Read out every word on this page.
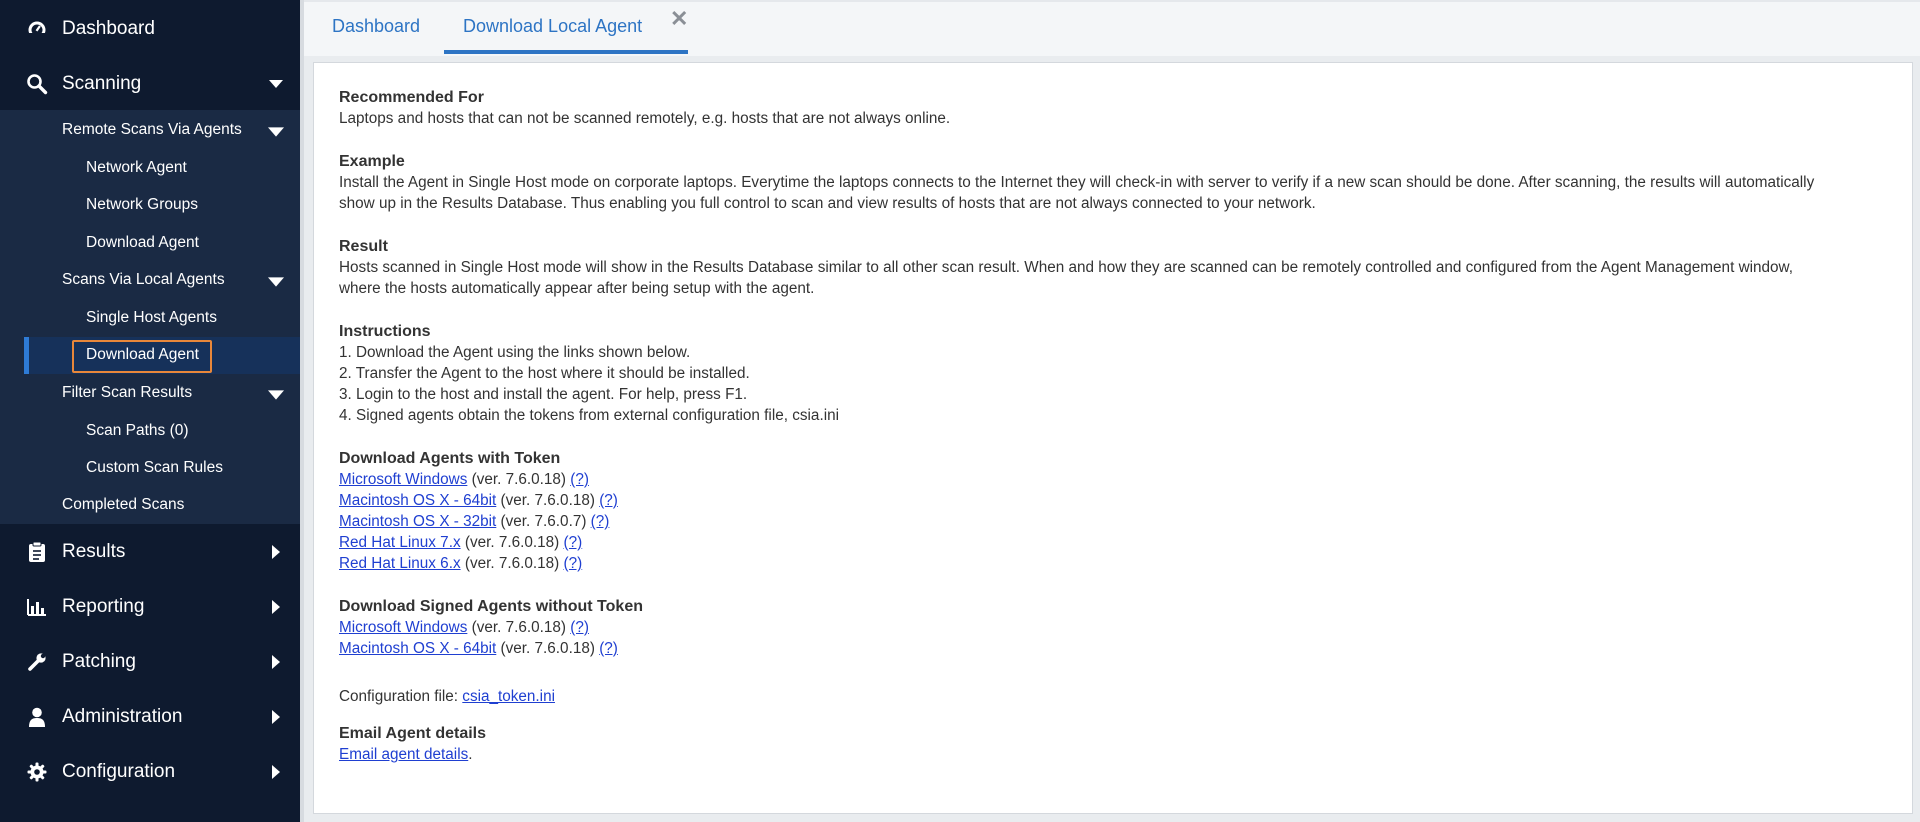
Dashboard
Scanning
Remote Scans Via Agents
Network Agent
Network Groups
Download Agent
Scans Via Local Agents
Single Host Agents
Download Agent
Filter Scan Results
Scan Paths (0)
Custom Scan Rules
Completed Scans
Results
Reporting
Patching
Administration
Configuration
Dashboard Download Local Agent ✕
Recommended For
Laptops and hosts that can not be scanned remotely, e.g. hosts that are not always online.
Example
Install the Agent in Single Host mode on corporate laptops. Everytime the laptops connects to the Internet they will check-in with server to verify if a new scan should be done. After scanning, the results will automatically
show up in the Results Database. Thus enabling you full control to scan and view results of hosts that are not always connected to your network.
Result
Hosts scanned in Single Host mode will show in the Results Database similar to all other scan result. When and how they are scanned can be remotely controlled and configured from the Agent Management window,
where the hosts automatically appear after being setup with the agent.
Instructions
1. Download the Agent using the links shown below.
2. Transfer the Agent to the host where it should be installed.
3. Login to the host and install the agent. For help, press F1.
4. Signed agents obtain the tokens from external configuration file, csia.ini
Download Agents with Token
Microsoft Windows (ver. 7.6.0.18) (?)
Macintosh OS X - 64bit (ver. 7.6.0.18) (?)
Macintosh OS X - 32bit (ver. 7.6.0.7) (?)
Red Hat Linux 7.x (ver. 7.6.0.18) (?)
Red Hat Linux 6.x (ver. 7.6.0.18) (?)
Download Signed Agents without Token
Microsoft Windows (ver. 7.6.0.18) (?)
Macintosh OS X - 64bit (ver. 7.6.0.18) (?)
Configuration file: csia_token.ini
Email Agent details
Email agent details.
